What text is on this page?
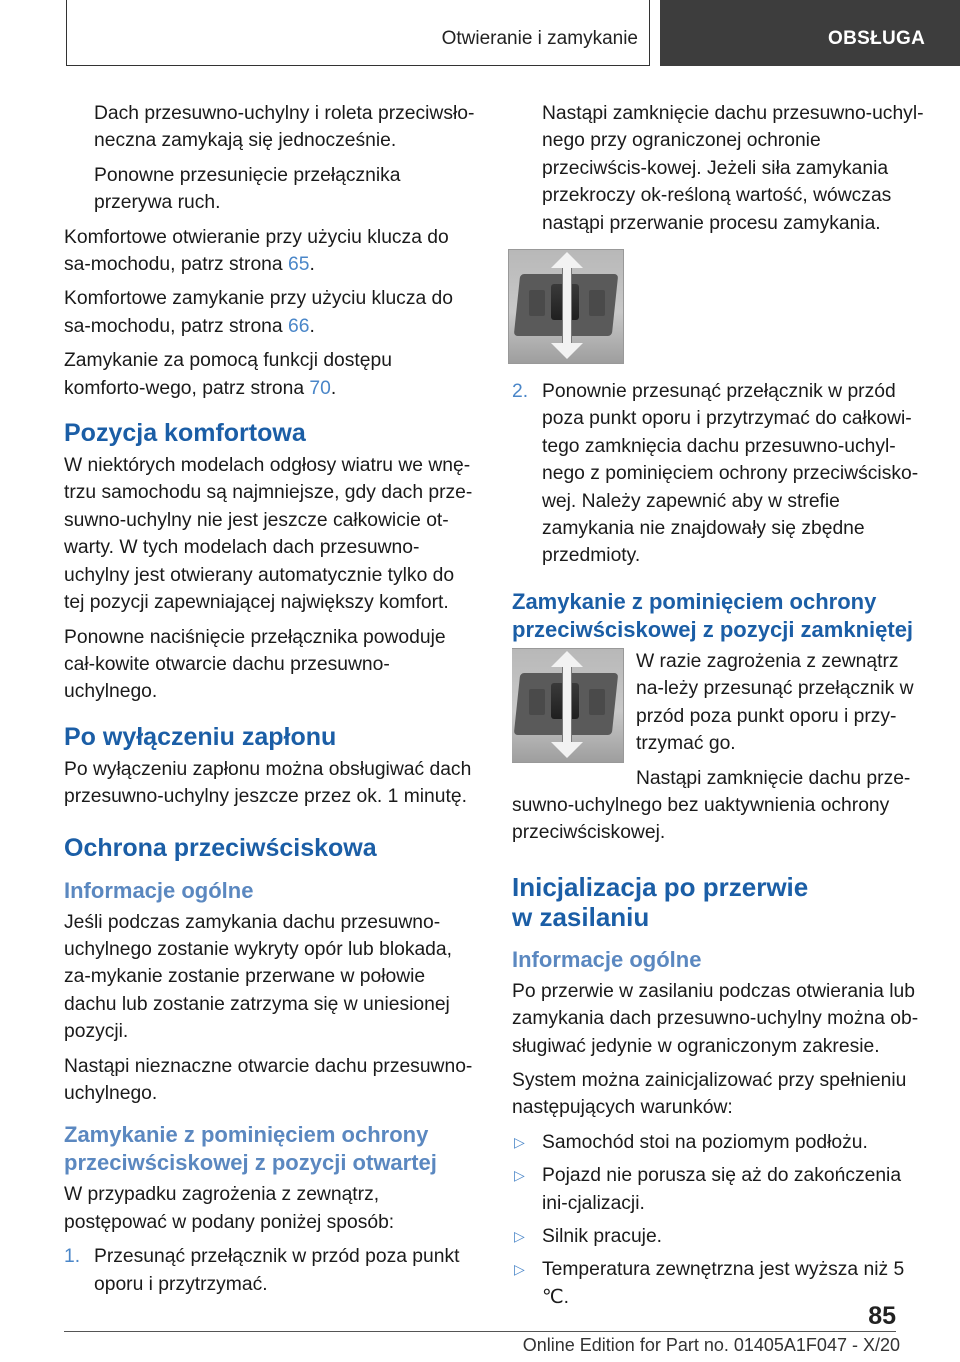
Otwieranie i zamykanie	OBSŁUGA

Dach przesuwno-uchylny i roleta przeciwsło‐neczna zamykają się jednocześnie.

Ponowne przesunięcie przełącznika przerywa ruch.

Komfortowe otwieranie przy użyciu klucza do sa‐mochodu, patrz strona 65.

Komfortowe zamykanie przy użyciu klucza do sa‐mochodu, patrz strona 66.

Zamykanie za pomocą funkcji dostępu komforto‐wego, patrz strona 70.

Pozycja komfortowa

W niektórych modelach odgłosy wiatru we wnę‐trzu samochodu są najmniejsze, gdy dach prze‐suwno-uchylny nie jest jeszcze całkowicie ot‐warty. W tych modelach dach przesuwno-uchylny jest otwierany automatycznie tylko do tej pozycji zapewniającej największy komfort.

Ponowne naciśnięcie przełącznika powoduje cał‐kowite otwarcie dachu przesuwno-uchylnego.

Po wyłączeniu zapłonu

Po wyłączeniu zapłonu można obsługiwać dach przesuwno-uchylny jeszcze przez ok. 1 minutę.

Ochrona przeciwściskowa
Informacje ogólne

Jeśli podczas zamykania dachu przesuwno-uchylnego zostanie wykryty opór lub blokada, za‐mykanie zostanie przerwane w połowie dachu lub zostanie zatrzyma się w uniesionej pozycji.

Nastąpi nieznaczne otwarcie dachu przesuwno-uchylnego.

Zamykanie z pominięciem ochrony przeciwściskowej z pozycji otwartej

W przypadku zagrożenia z zewnątrz, postępować w podany poniżej sposób:

1. Przesunąć przełącznik w przód poza punkt oporu i przytrzymać.

Nastąpi zamknięcie dachu przesuwno-uchyl‐nego przy ograniczonej ochronie przeciwścis‐kowej. Jeżeli siła zamykania przekroczy ok‐reśloną wartość, wówczas nastąpi przerwanie procesu zamykania.

2. Ponownie przesunąć przełącznik w przód poza punkt oporu i przytrzymać do całkowi‐tego zamknięcia dachu przesuwno-uchyl‐nego z pominięciem ochrony przeciwścisko‐wej. Należy zapewnić aby w strefie zamykania nie znajdowały się zbędne przedmioty.
Zamykanie z pominięciem ochrony przeciwściskowej z pozycji zamkniętej

W razie zagrożenia z zewnątrz na‐leży przesunąć przełącznik w przód poza punkt oporu i przy‐trzymać go.

Nastąpi zamknięcie dachu prze‐suwno-uchylnego bez uaktywnienia ochrony przeciwściskowej.

Inicjalizacja po przerwie w zasilaniu
Informacje ogólne

Po przerwie w zasilaniu podczas otwierania lub zamykania dach przesuwno-uchylny można ob‐sługiwać jedynie w ograniczonym zakresie.

System można zainicjalizować przy spełnieniu następujących warunków:

▷ Samochód stoi na poziomym podłożu.
▷ Pojazd nie porusza się aż do zakończenia ini‐cjalizacji.
▷ Silnik pracuje.
▷ Temperatura zewnętrzna jest wyższa niż 5 ℃.
85
Online Edition for Part no. 01405A1F047 - X/20
